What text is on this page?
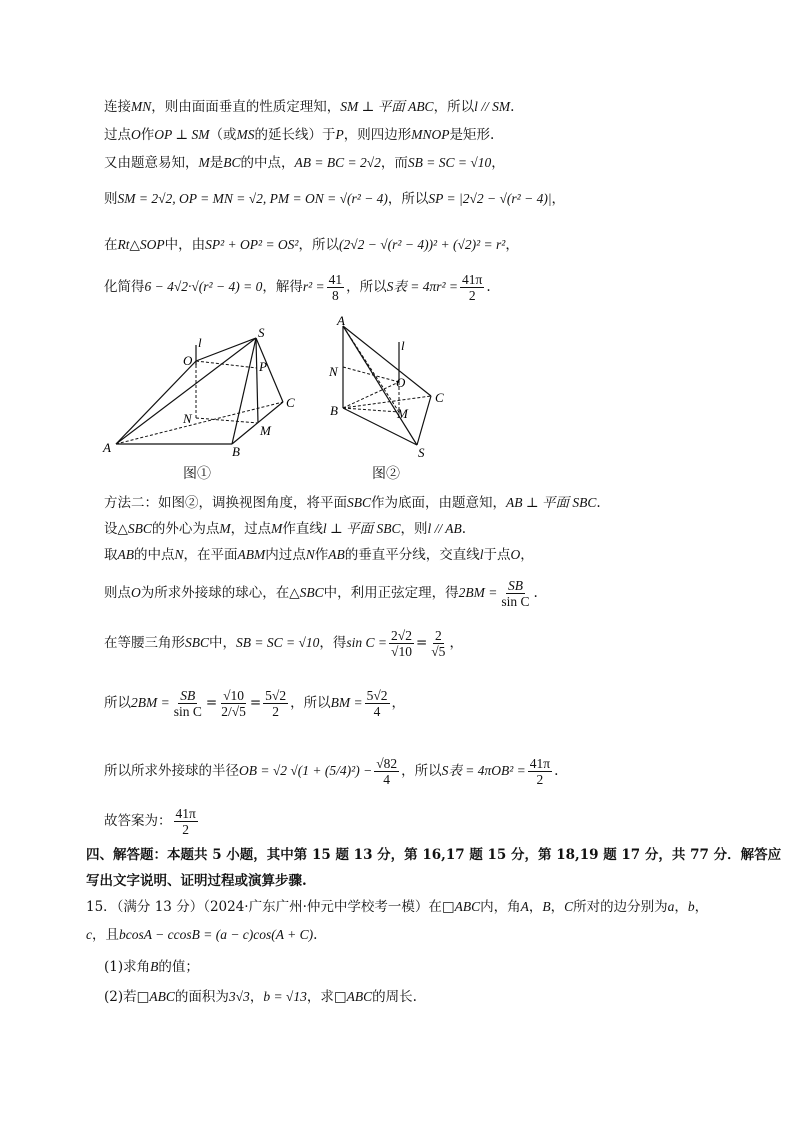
连接MN，则由面面垂直的性质定理知，SM ⊥ 平面 ABC，所以l // SM.
过点O作OP ⊥ SM（或MS的延长线）于P，则四边形MNOP是矩形.
又由题意易知，M是BC的中点，AB = BC = 2√2，而SB = SC = √10，
则SM = 2√2, OP = MN = √2, PM = ON = √(r² − 4)，所以SP = |2√2 − √(r² − 4)|，
在Rt△SOP中，由SP² + OP² = OS²，所以(2√2 − √(r² − 4))² + (√2)² = r²，
化简得6 − 4√2·√(r² − 4) = 0，解得$r^2 = \frac{41}{8}$ ，所以S表 = $4\pi r^2 = \frac{41\pi}{2}$ .
S
l
O	P
C
N
M
A	B
图①
A
l
N
O
B	M
C
S
图②
方法二：如图②，调换视图角度，将平面SBC作为底面，由题意知，AB ⊥ 平面 SBC.
设△SBC的外心为点M，过点M作直线l ⊥ 平面 SBC，则l // AB.
取AB的中点N，在平面ABM内过点N作AB的垂直平分线，交直线l于点O，
则点O为所求外接球的球心，在△SBC中，利用正弦定理，得$2BM = \frac{SB}{\text{sin C}}$ .
在等腰三角形SBC中，SB = SC = √10，得$\sin C = \frac{2√2}{√10} = \frac{2}{√5}$ ，
所以$2BM = \frac{SB}{\text{sin C}} = \frac{√10}{2/√5} = \frac{5√2}{2}$ ，所以BM = $\frac{5√2}{4}$ ，
所以所求外接球的半径OB = √2 $√(1 + (5/4)^2) - \frac{√82}{4}$ ，所以S表 = $4\pi OB^2 = \frac{41\pi}{2}$ .
故答案为： $\frac{41\pi}{2}$
四、解答题：本题共 5 小题，其中第 15 题 13 分，第 16,17 题 15 分，第 18,19 题 17 分，共 77 分．解答应
写出文字说明、证明过程或演算步骤.
15．（满分 13 分）（2024·广东广州·仲元中学校考一模）在□ABC内，角A，B，C所对的边分别为a，b，
c，且bcosA − ccosB = (a − c)cos(A + C).
(1)求角B的值；
(2)若□ABC的面积为3√3，b = √13，求□ABC的周长.
